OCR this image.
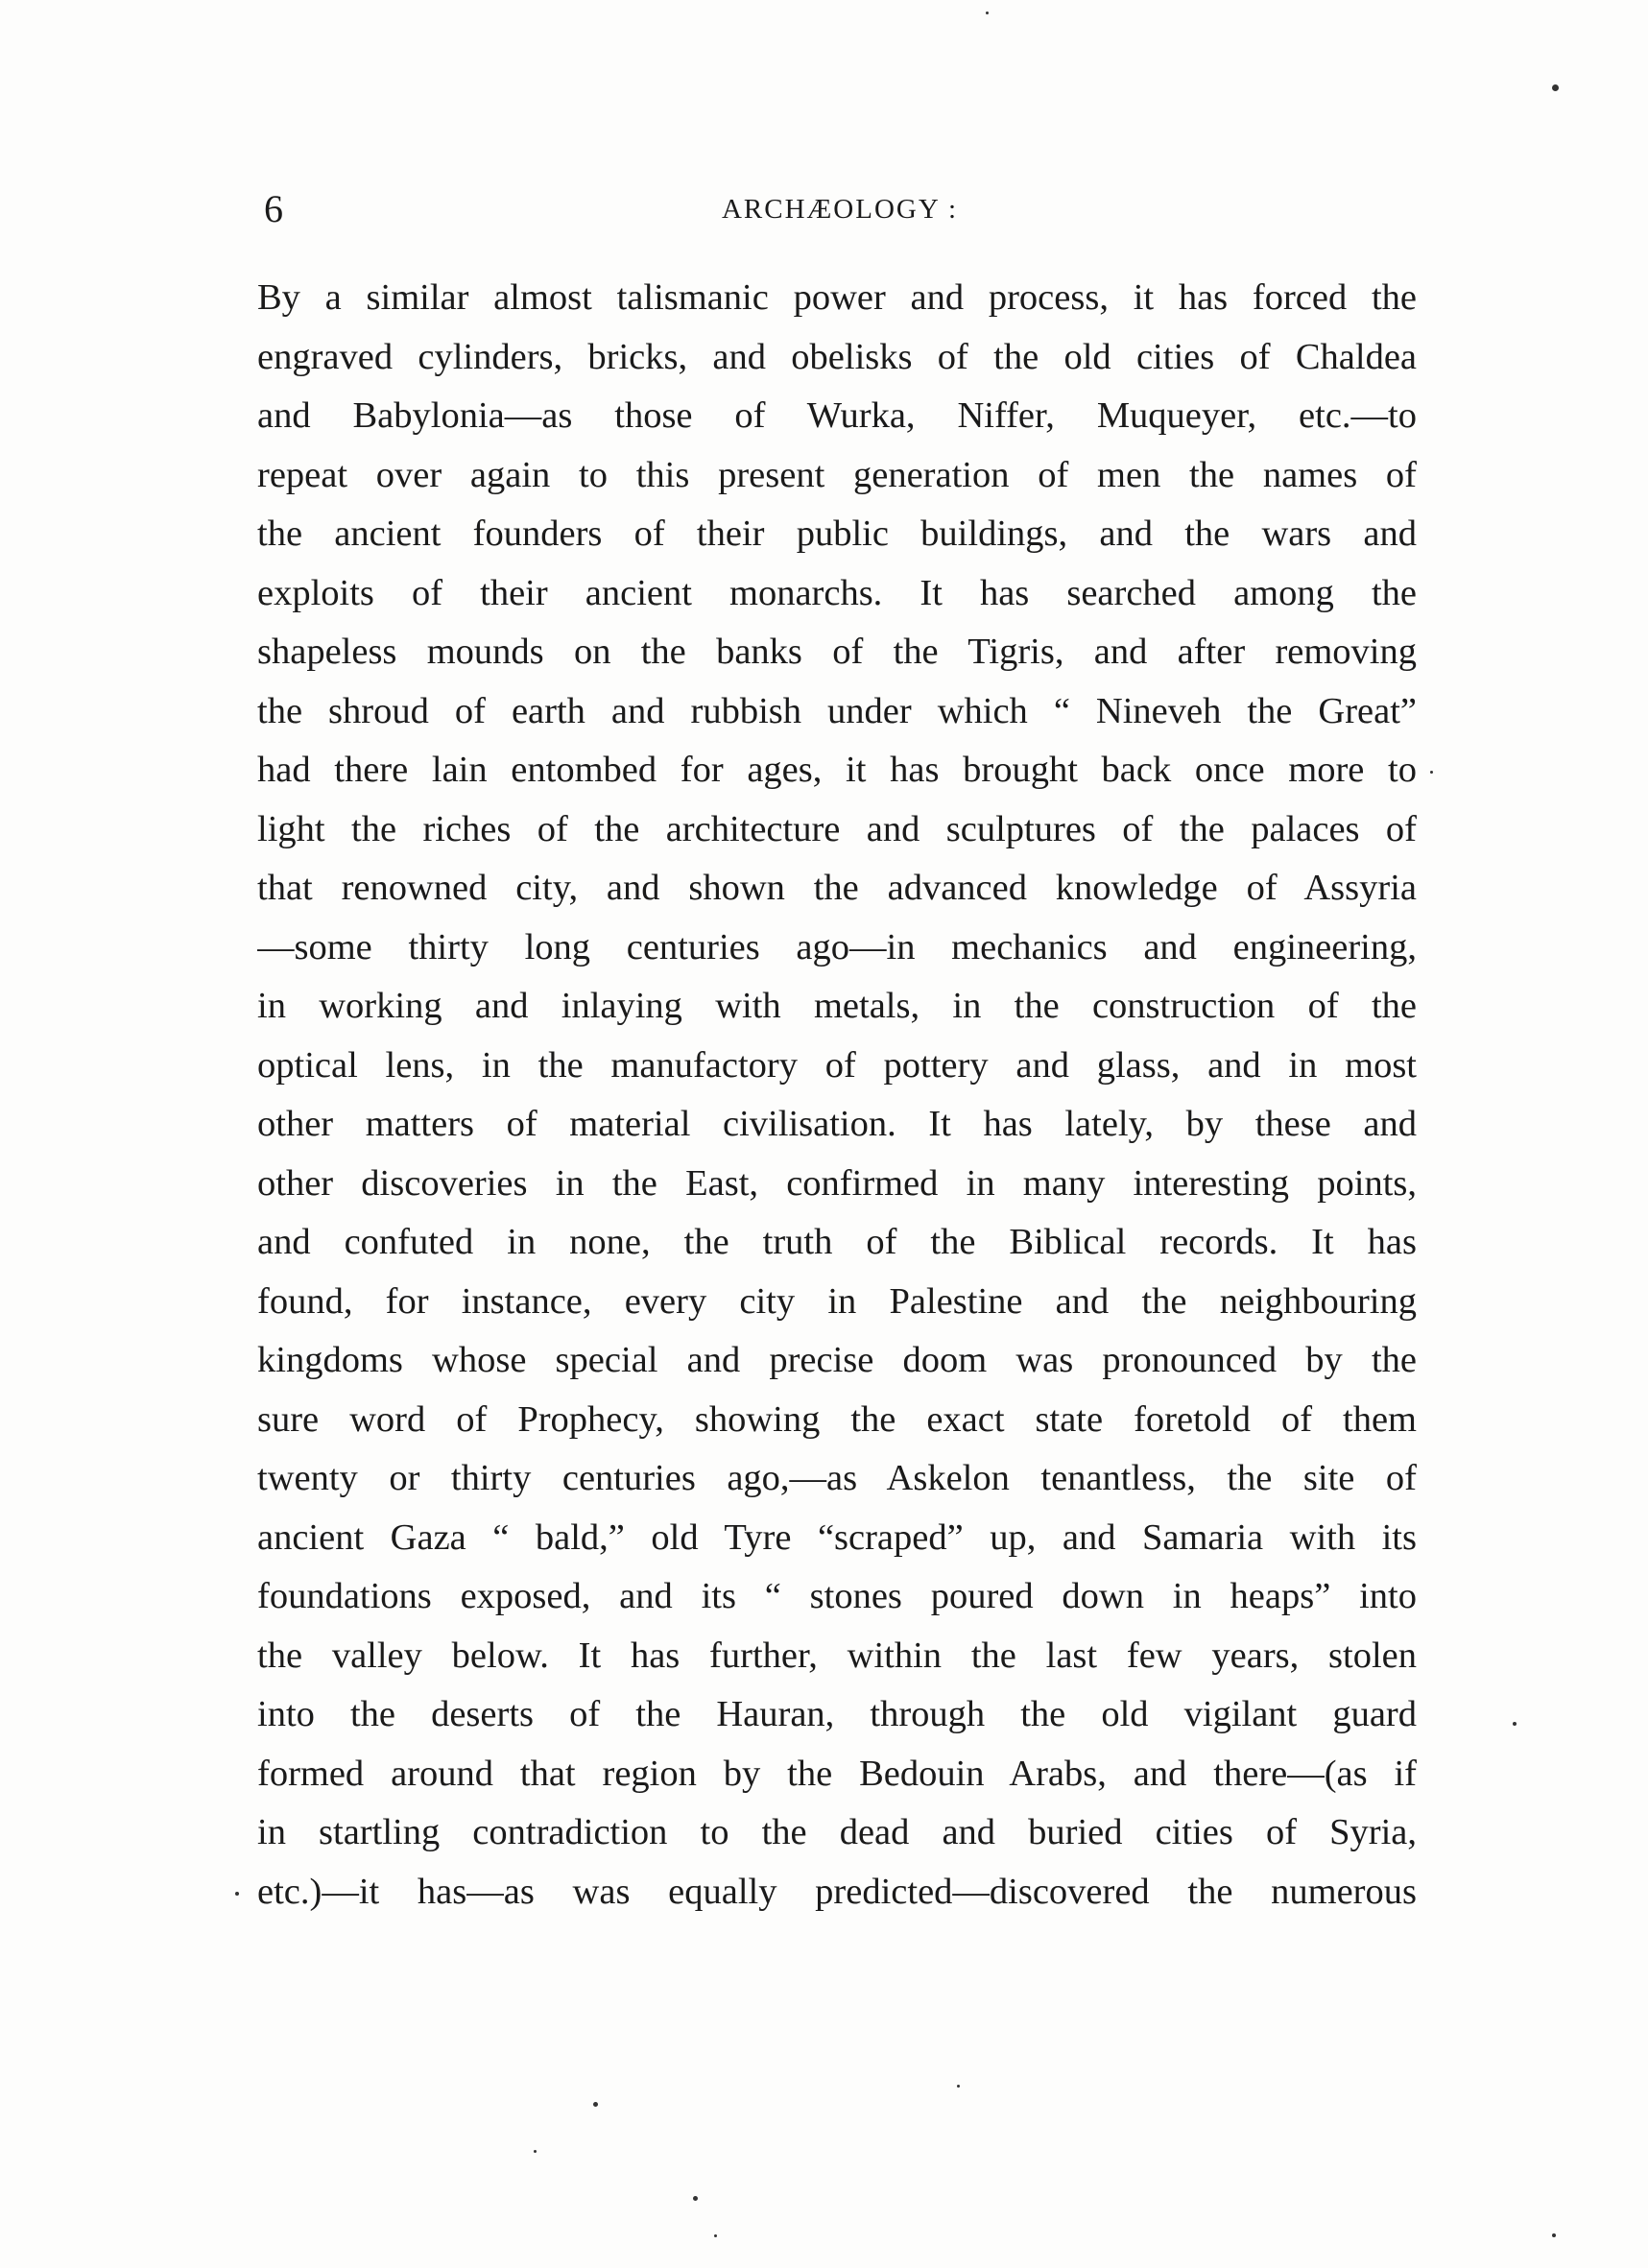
6	ARCHÆOLOGY :
By a similar almost talismanic power and process, it has forced the
engraved cylinders, bricks, and obelisks of the old cities of Chaldea
and Babylonia—as those of Wurka, Niffer, Muqueyer, etc.—to
repeat over again to this present generation of men the names of
the ancient founders of their public buildings, and the wars and
exploits of their ancient monarchs. It has searched among the
shapeless mounds on the banks of the Tigris, and after removing
the shroud of earth and rubbish under which “ Nineveh the Great”
had there lain entombed for ages, it has brought back once more to
light the riches of the architecture and sculptures of the palaces of
that renowned city, and shown the advanced knowledge of Assyria
—some thirty long centuries ago—in mechanics and engineering,
in working and inlaying with metals, in the construction of the
optical lens, in the manufactory of pottery and glass, and in most
other matters of material civilisation. It has lately, by these and
other discoveries in the East, confirmed in many interesting points,
and confuted in none, the truth of the Biblical records. It has
found, for instance, every city in Palestine and the neighbouring
kingdoms whose special and precise doom was pronounced by the
sure word of Prophecy, showing the exact state foretold of them
twenty or thirty centuries ago,—as Askelon tenantless, the site of
ancient Gaza “ bald,” old Tyre “scraped” up, and Samaria with its
foundations exposed, and its “ stones poured down in heaps” into
the valley below. It has further, within the last few years, stolen
into the deserts of the Hauran, through the old vigilant guard
formed around that region by the Bedouin Arabs, and there—(as if
in startling contradiction to the dead and buried cities of Syria,
etc.)—it has—as was equally predicted—discovered the numerous
